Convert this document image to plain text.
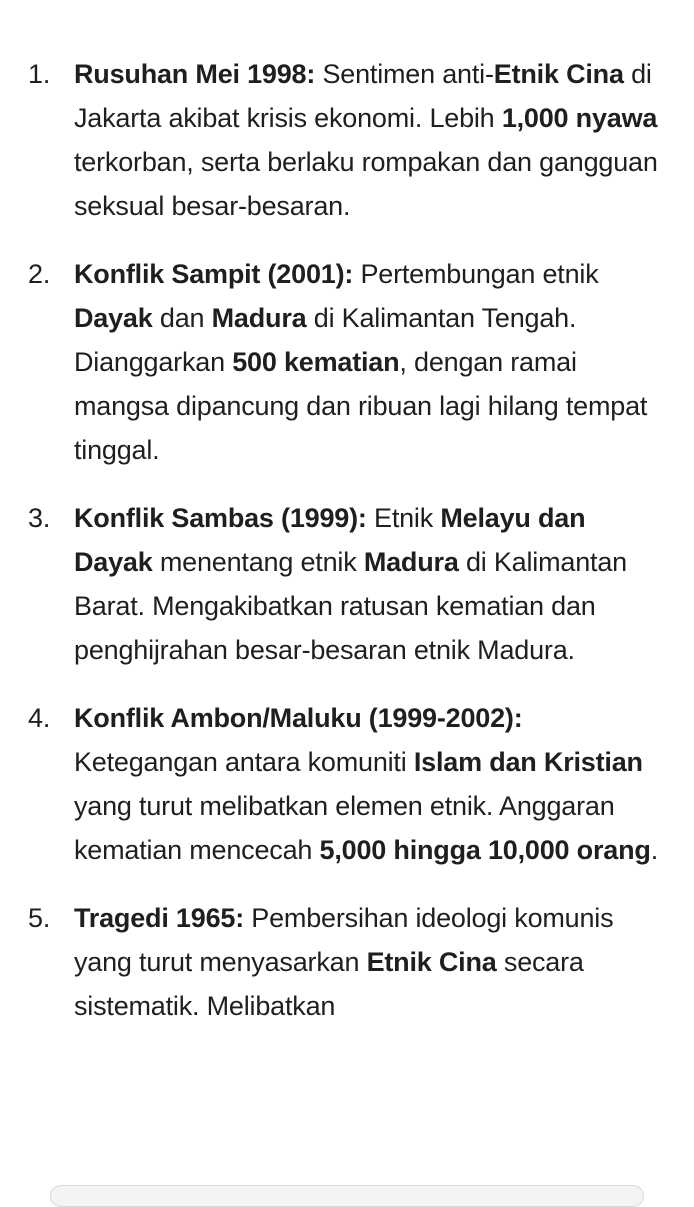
1. Rusuhan Mei 1998: Sentimen anti-Etnik Cina di Jakarta akibat krisis ekonomi. Lebih 1,000 nyawa terkorban, serta berlaku rompakan dan gangguan seksual besar-besaran.
2. Konflik Sampit (2001): Pertembungan etnik Dayak dan Madura di Kalimantan Tengah. Dianggarkan 500 kematian, dengan ramai mangsa dipancung dan ribuan lagi hilang tempat tinggal.
3. Konflik Sambas (1999): Etnik Melayu dan Dayak menentang etnik Madura di Kalimantan Barat. Mengakibatkan ratusan kematian dan penghijrahan besar-besaran etnik Madura.
4. Konflik Ambon/Maluku (1999-2002): Ketegangan antara komuniti Islam dan Kristian yang turut melibatkan elemen etnik. Anggaran kematian mencecah 5,000 hingga 10,000 orang.
5. Tragedi 1965: Pembersihan ideologi komunis yang turut menyasarkan Etnik Cina secara sistematik. Melibatkan
